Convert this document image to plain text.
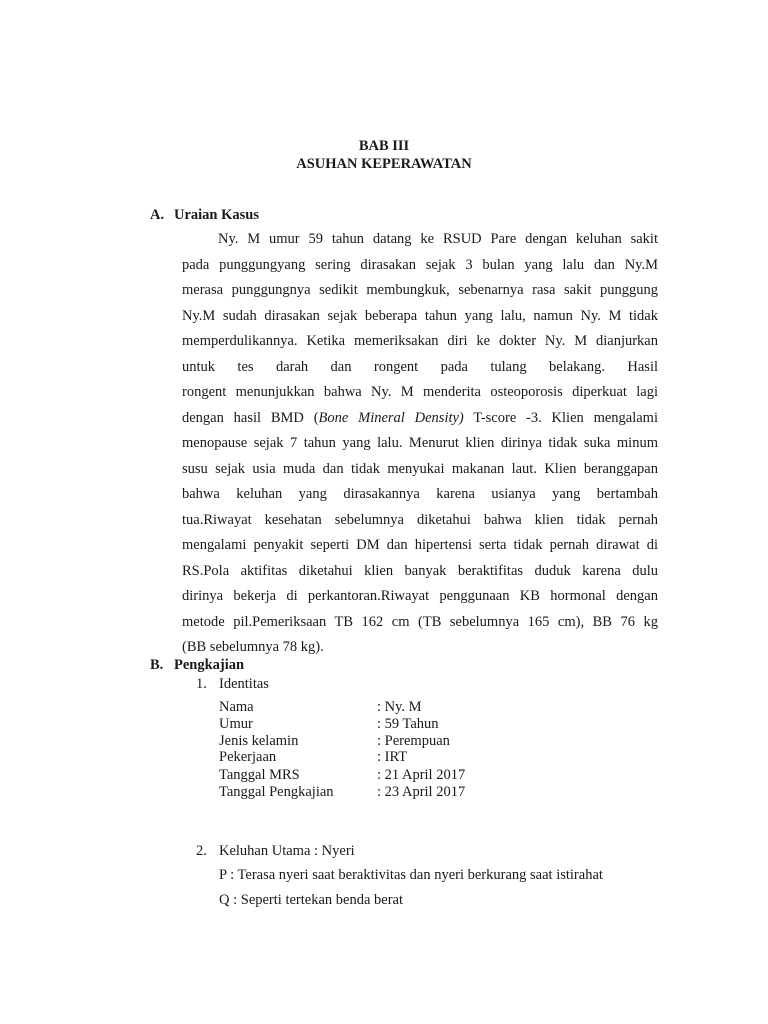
BAB III
ASUHAN KEPERAWATAN
A. Uraian Kasus
Ny. M umur 59 tahun datang ke RSUD Pare dengan keluhan sakit
pada punggungyang sering dirasakan sejak 3 bulan yang lalu dan Ny.M
merasa punggungnya sedikit membungkuk, sebenarnya rasa sakit punggung
Ny.M sudah dirasakan sejak beberapa tahun yang lalu, namun Ny. M tidak
memperdulikannya. Ketika memeriksakan diri ke dokter Ny. M dianjurkan
untuk tes darah dan rongent pada tulang belakang. Hasil
rongent menunjukkan bahwa Ny. M menderita osteoporosis diperkuat lagi
dengan hasil BMD (Bone Mineral Density) T-score -3. Klien mengalami
menopause sejak 7 tahun yang lalu. Menurut klien dirinya tidak suka minum
susu sejak usia muda dan tidak menyukai makanan laut. Klien beranggapan
bahwa keluhan yang dirasakannya karena usianya yang bertambah
tua.Riwayat kesehatan sebelumnya diketahui bahwa klien tidak pernah
mengalami penyakit seperti DM dan hipertensi serta tidak pernah dirawat di
RS.Pola aktifitas diketahui klien banyak beraktifitas duduk karena dulu
dirinya bekerja di perkantoran.Riwayat penggunaan KB hormonal dengan
metode pil.Pemeriksaan TB 162 cm (TB sebelumnya 165 cm), BB 76 kg
(BB sebelumnya 78 kg).
B. Pengkajian
1. Identitas
Nama	: Ny. M
Umur	: 59 Tahun
Jenis kelamin	: Perempuan
Pekerjaan	: IRT
Tanggal MRS	: 21 April 2017
Tanggal Pengkajian	: 23 April 2017
2. Keluhan Utama : Nyeri
P : Terasa nyeri saat beraktivitas dan nyeri berkurang saat istirahat
Q : Seperti tertekan benda berat
